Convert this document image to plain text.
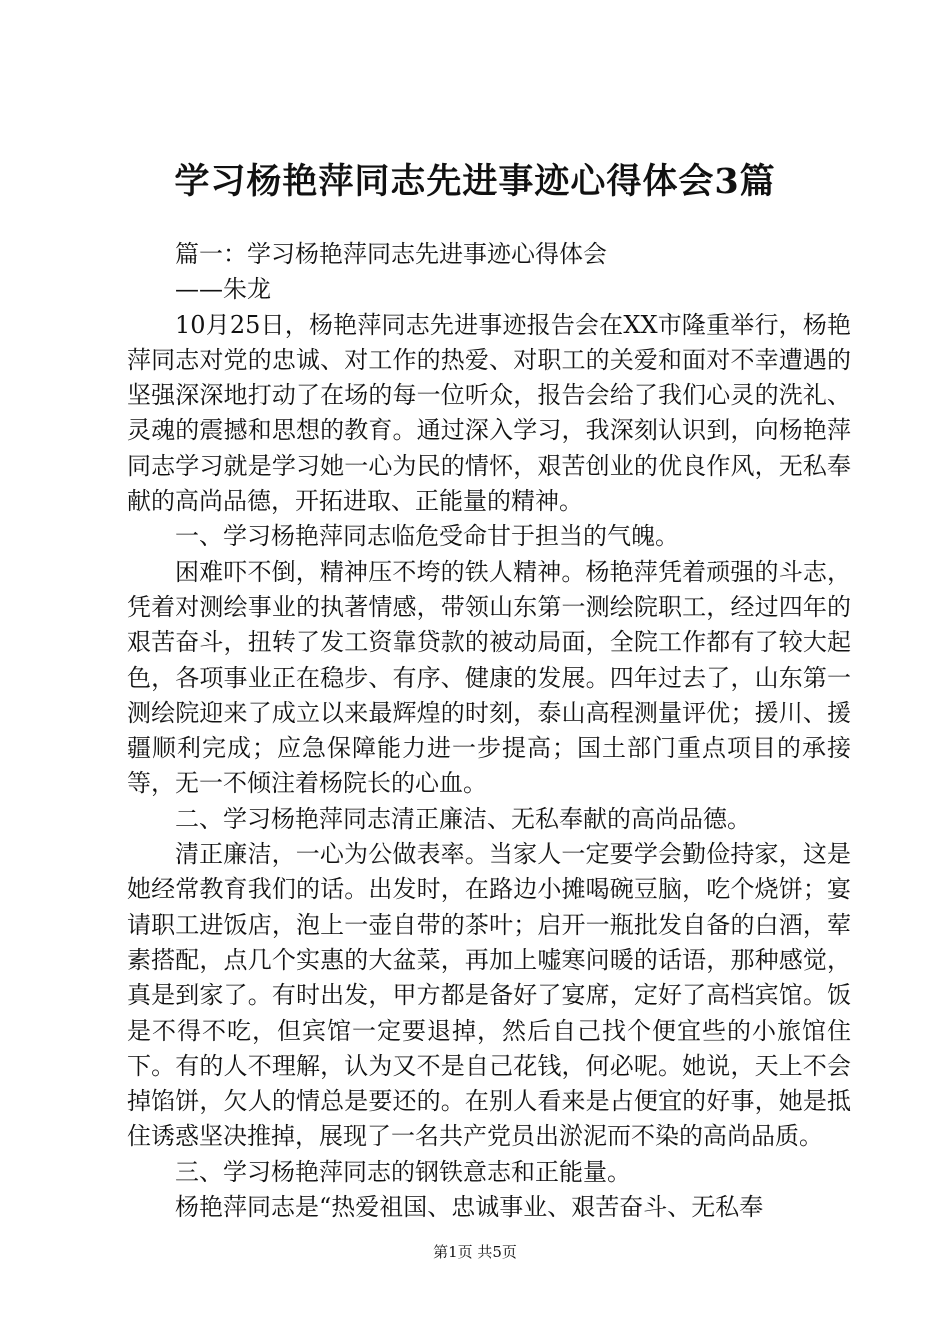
学习杨艳萍同志先进事迹心得体会3篇

篇一：学习杨艳萍同志先进事迹心得体会

——朱龙

10月25日，杨艳萍同志先进事迹报告会在XX市隆重举行，杨艳萍同志对党的忠诚、对工作的热爱、对职工的关爱和面对不幸遭遇的坚强深深地打动了在场的每一位听众，报告会给了我们心灵的洗礼、灵魂的震撼和思想的教育。通过深入学习，我深刻认识到，向杨艳萍同志学习就是学习她一心为民的情怀，艰苦创业的优良作风，无私奉献的高尚品德，开拓进取、正能量的精神。

一、学习杨艳萍同志临危受命甘于担当的气魄。

困难吓不倒，精神压不垮的铁人精神。杨艳萍凭着顽强的斗志，凭着对测绘事业的执著情感，带领山东第一测绘院职工，经过四年的艰苦奋斗，扭转了发工资靠贷款的被动局面，全院工作都有了较大起色，各项事业正在稳步、有序、健康的发展。四年过去了，山东第一测绘院迎来了成立以来最辉煌的时刻，泰山高程测量评优；援川、援疆顺利完成；应急保障能力进一步提高；国土部门重点项目的承接等，无一不倾注着杨院长的心血。

二、学习杨艳萍同志清正廉洁、无私奉献的高尚品德。

清正廉洁，一心为公做表率。当家人一定要学会勤俭持家，这是她经常教育我们的话。出发时，在路边小摊喝碗豆脑，吃个烧饼；宴请职工进饭店，泡上一壶自带的茶叶；启开一瓶批发自备的白酒，荤素搭配，点几个实惠的大盆菜，再加上嘘寒问暖的话语，那种感觉，真是到家了。有时出发，甲方都是备好了宴席，定好了高档宾馆。饭是不得不吃，但宾馆一定要退掉，然后自己找个便宜些的小旅馆住下。有的人不理解，认为又不是自己花钱，何必呢。她说，天上不会掉馅饼，欠人的情总是要还的。在别人看来是占便宜的好事，她是抵住诱惑坚决推掉，展现了一名共产党员出淤泥而不染的高尚品质。

三、学习杨艳萍同志的钢铁意志和正能量。

杨艳萍同志是“热爱祖国、忠诚事业、艰苦奋斗、无私奉

第1页 共5页
